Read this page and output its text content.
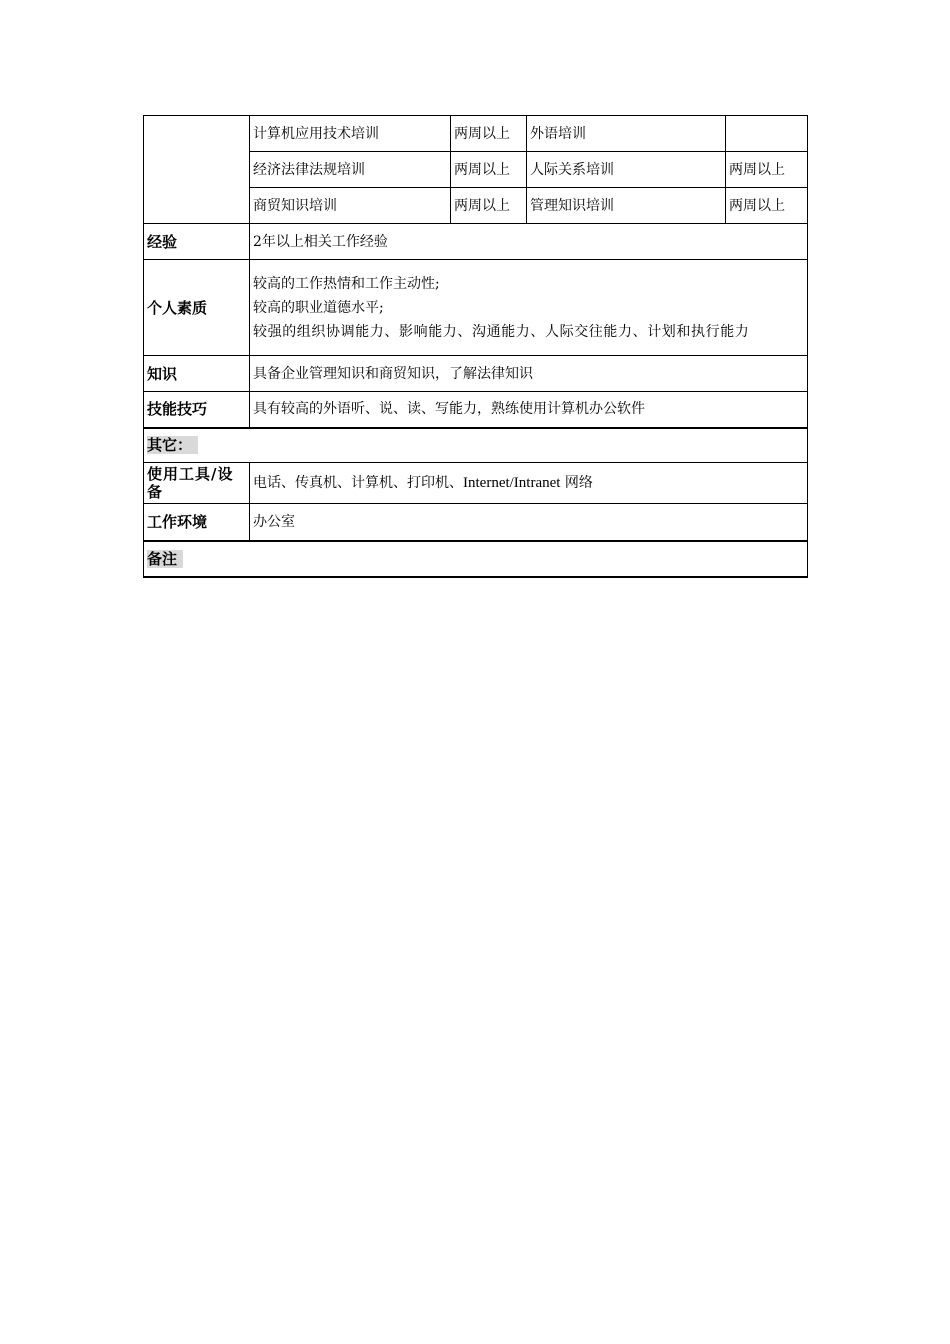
	计算机应用技术培训	两周以上	外语培训	
	经济法律法规培训	两周以上	人际关系培训	两周以上
	商贸知识培训	两周以上	管理知识培训	两周以上
经验	2年以上相关工作经验			
个人素质	较高的工作热情和工作主动性;
较高的职业道德水平;
较强的组织协调能力、影响能力、沟通能力、人际交往能力、计划和执行能力			

知识	具备企业管理知识和商贸知识，了解法律知识			
技能技巧	具有较高的外语听、说、读、写能力，熟练使用计算机办公软件			
其它：				
使用工具/设备	电话、传真机、计算机、打印机、Internet/Intranet 网络			
工作环境	办公室			
备注				
